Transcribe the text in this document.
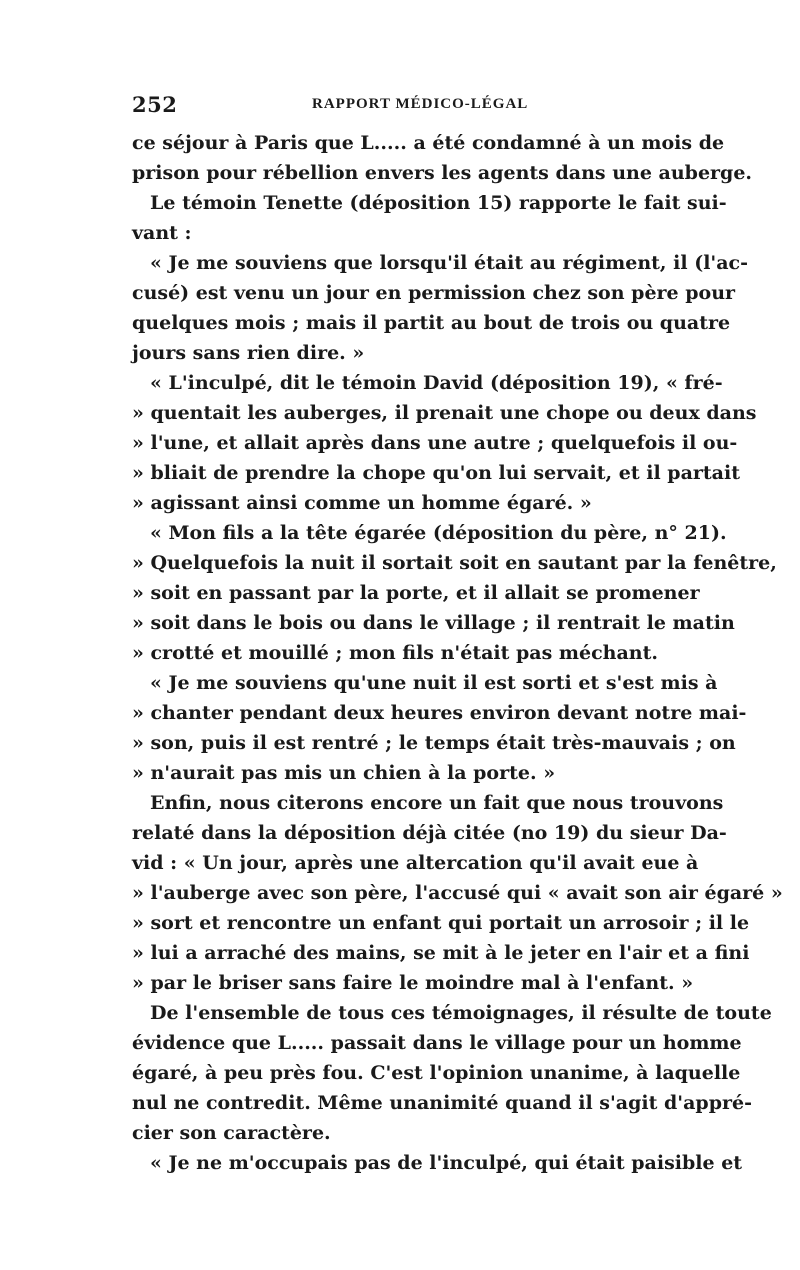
252	RAPPORT MÉDICO-LÉGAL
ce séjour à Paris que L..... a été condamné à un mois de
prison pour rébellion envers les agents dans une auberge.
Le témoin Tenette (déposition 15) rapporte le fait sui-
vant :
« Je me souviens que lorsqu'il était au régiment, il (l'ac-
cusé) est venu un jour en permission chez son père pour
quelques mois ; mais il partit au bout de trois ou quatre
jours sans rien dire. »
« L'inculpé, dit le témoin David (déposition 19), « fré-
» quentait les auberges, il prenait une chope ou deux dans
» l'une, et allait après dans une autre ; quelquefois il ou-
» bliait de prendre la chope qu'on lui servait, et il partait
» agissant ainsi comme un homme égaré. »
« Mon fils a la tête égarée (déposition du père, n° 21).
» Quelquefois la nuit il sortait soit en sautant par la fenêtre,
» soit en passant par la porte, et il allait se promener
» soit dans le bois ou dans le village ; il rentrait le matin
» crotté et mouillé ; mon fils n'était pas méchant.
« Je me souviens qu'une nuit il est sorti et s'est mis à
» chanter pendant deux heures environ devant notre mai-
» son, puis il est rentré ; le temps était très-mauvais ; on
» n'aurait pas mis un chien à la porte. »
Enfin, nous citerons encore un fait que nous trouvons
relaté dans la déposition déjà citée (no 19) du sieur Da-
vid : « Un jour, après une altercation qu'il avait eue à
» l'auberge avec son père, l'accusé qui « avait son air égaré »
» sort et rencontre un enfant qui portait un arrosoir ; il le
» lui a arraché des mains, se mit à le jeter en l'air et a fini
» par le briser sans faire le moindre mal à l'enfant. »
De l'ensemble de tous ces témoignages, il résulte de toute
évidence que L..... passait dans le village pour un homme
égaré, à peu près fou. C'est l'opinion unanime, à laquelle
nul ne contredit. Même unanimité quand il s'agit d'appré-
cier son caractère.
« Je ne m'occupais pas de l'inculpé, qui était paisible et
